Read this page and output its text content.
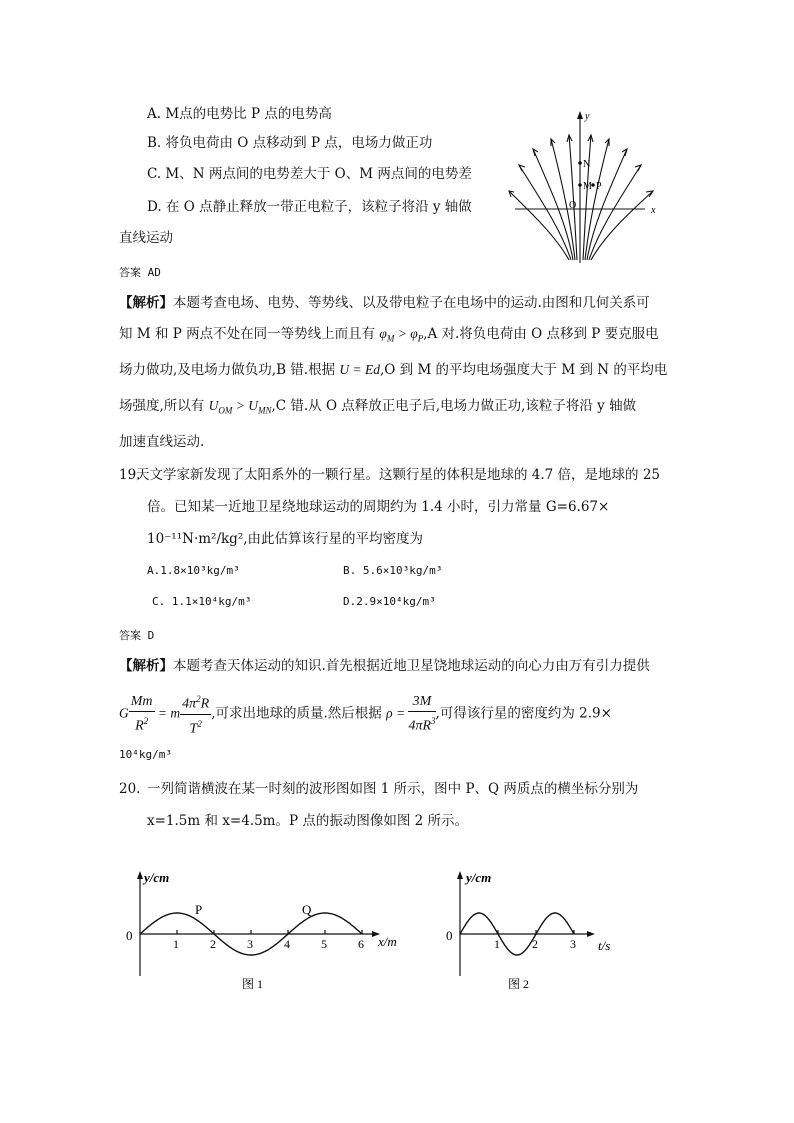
A. M点的电势比 P 点的电势高
B. 将负电荷由 O 点移动到 P 点，电场力做正功
C. M、N 两点间的电势差大于 O、M 两点间的电势差
D. 在 O 点静止释放一带正电粒子，该粒子将沿 y 轴做
直线运动
y
x
N
M P
O
答案 AD
【解析】本题考查电场、电势、等势线、以及带电粒子在电场中的运动.由图和几何关系可
知 M 和 P 两点不处在同一等势线上而且有 $\varphi_M > \varphi_P,A$ 对.将负电荷由 O 点移到 P 要克服电
场力做功,及电场力做负功,B 错.根据 U = Ed,O 到 M 的平均电场强度大于 M 到 N 的平均电
场强度,所以有 $U_{OM} > U_{MN},C$ 错.从 O 点释放正电子后,电场力做正功,该粒子将沿 y 轴做
加速直线运动.
19.
天文学家新发现了太阳系外的一颗行星。这颗行星的体积是地球的 4.7 倍，是地球的 25
倍。已知某一近地卫星绕地球运动的周期约为 1.4 小时，引力常量 G=6.67×
10⁻¹¹N·m²/kg²,由此估算该行星的平均密度为
A.1.8×10³kg/m³	B. 5.6×10³kg/m³
C. 1.1×10⁴kg/m³	D.2.9×10⁴kg/m³
答案 D
【解析】本题考查天体运动的知识.首先根据近地卫星饶地球运动的向心力由万有引力提供
G $\frac{Mm}{R^2} = m \frac{4\pi^2R}{T^2}$ ,可求出地球的质量.然后根据 $\rho = \frac{3M}{4\pi R^3}$ ,可得该行星的密度约为 2.9×
10⁴kg/m³
20. 一列简谐横波在某一时刻的波形图如图 1 所示，图中 P、Q 两质点的横坐标分别为
x=1.5m 和 x=4.5m。P 点的振动图像如图 2 所示。
y/cm
0	x/m
1	2	3	4	5	6
P	Q
图 1
y/cm
0
t/s
1	2	3
图 2
